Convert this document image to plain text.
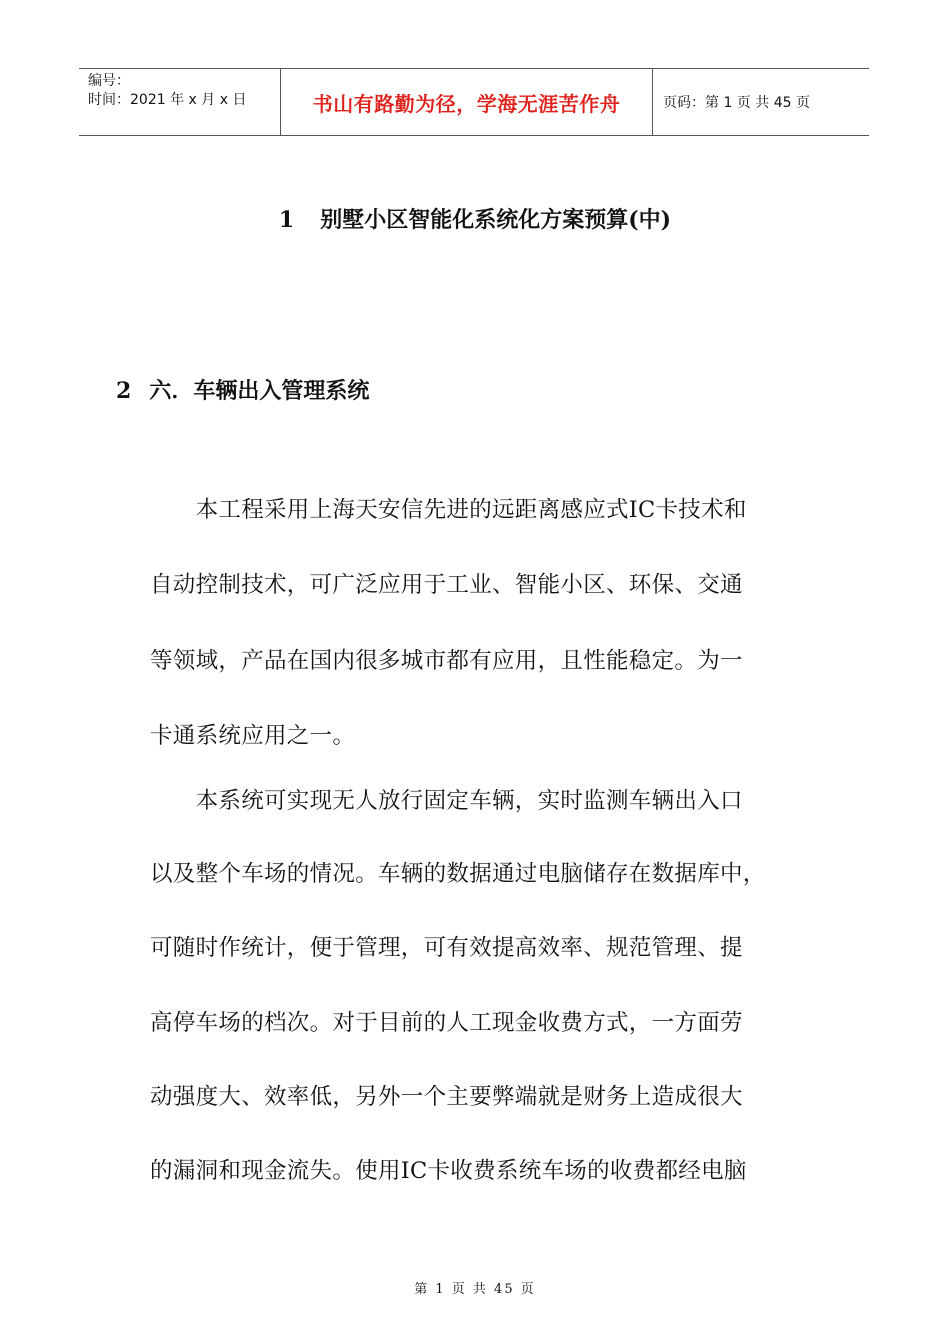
编号：
时间：2021 年 x 月 x 日	书山有路勤为径，学海无涯苦作舟	页码：第 1 页 共 45 页
1 别墅小区智能化系统化方案预算(中)
2 六．车辆出入管理系统
　　本工程采用上海天安信先进的远距离感应式IC卡技术和
自动控制技术，可广泛应用于工业、智能小区、环保、交通
等领域，产品在国内很多城市都有应用，且性能稳定。为一
卡通系统应用之一。
　　本系统可实现无人放行固定车辆，实时监测车辆出入口
以及整个车场的情况。车辆的数据通过电脑储存在数据库中，
可随时作统计，便于管理，可有效提高效率、规范管理、提
高停车场的档次。对于目前的人工现金收费方式，一方面劳
动强度大、效率低，另外一个主要弊端就是财务上造成很大
的漏洞和现金流失。使用IC卡收费系统车场的收费都经电脑
第 1 页 共 45 页
